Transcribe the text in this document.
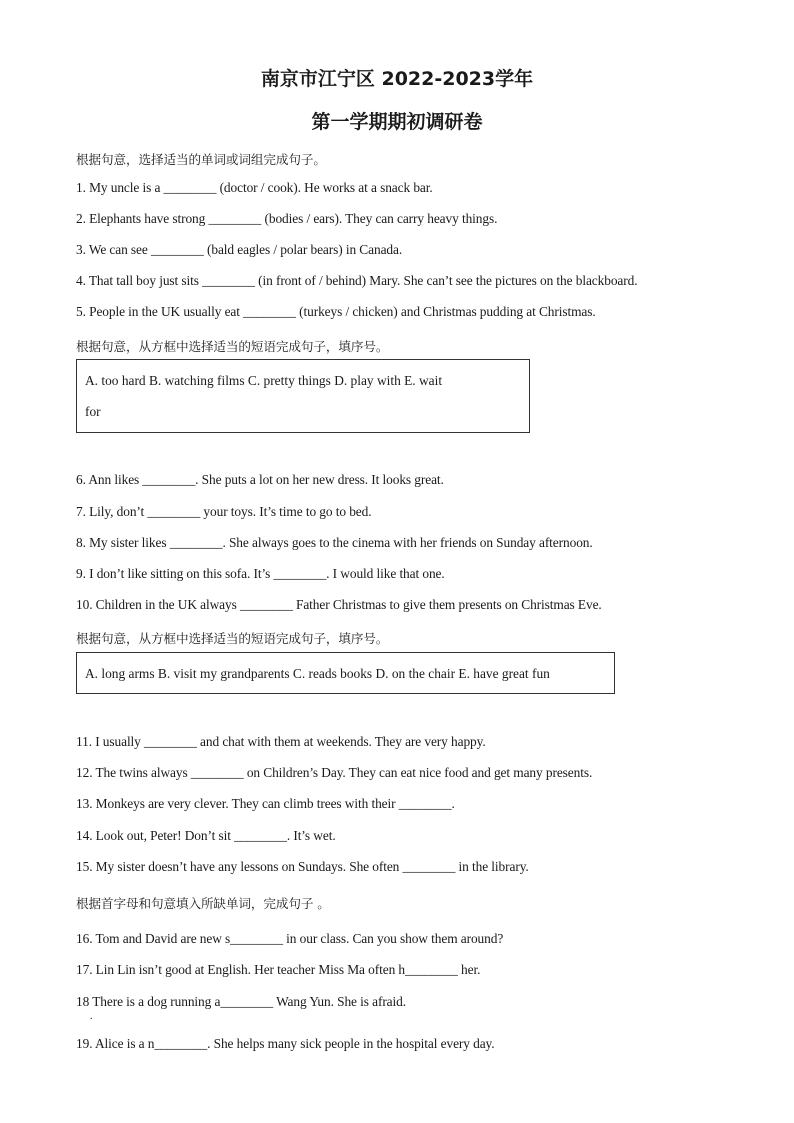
南京市江宁区 2022-2023学年
第一学期期初调研卷
根据句意，选择适当的单词或词组完成句子。
1. My uncle is a ________ (doctor / cook). He works at a snack bar.
2. Elephants have strong ________ (bodies / ears). They can carry heavy things.
3. We can see ________ (bald eagles / polar bears) in Canada.
4. That tall boy just sits ________ (in front of / behind) Mary. She can’t see the pictures on the blackboard.
5. People in the UK usually eat ________ (turkeys / chicken) and Christmas pudding at Christmas.
根据句意，从方框中选择适当的短语完成句子，填序号。
A. too hard B. watching films C. pretty things D. play with E. wait
for
6. Ann likes ________. She puts a lot on her new dress. It looks great.
7. Lily, don’t ________ your toys. It’s time to go to bed.
8. My sister likes ________. She always goes to the cinema with her friends on Sunday afternoon.
9. I don’t like sitting on this sofa. It’s ________. I would like that one.
10. Children in the UK always ________ Father Christmas to give them presents on Christmas Eve.
根据句意，从方框中选择适当的短语完成句子，填序号。
A. long arms B. visit my grandparents C. reads books D. on the chair E. have great fun
11. I usually ________ and chat with them at weekends. They are very happy.
12. The twins always ________ on Children’s Day. They can eat nice food and get many presents.
13. Monkeys are very clever. They can climb trees with their ________.
14. Look out, Peter! Don’t sit ________. It’s wet.
15. My sister doesn’t have any lessons on Sundays. She often ________ in the library.
根据首字母和句意填入所缺单词，完成句子 。
16. Tom and David are new s________ in our class. Can you show them around?
17. Lin Lin isn’t good at English. Her teacher Miss Ma often h________ her.
18 There is a dog running a________ Wang Yun. She is afraid.
.
19. Alice is a n________. She helps many sick people in the hospital every day.
